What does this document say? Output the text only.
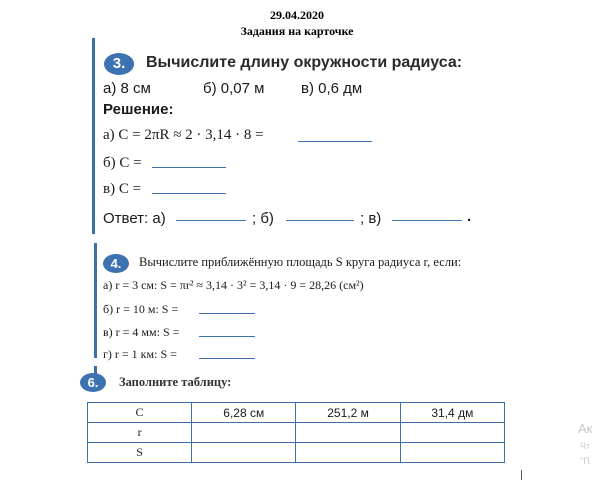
29.04.2020
Задания на карточке
3.	Вычислите длину окружности радиуса:
а) 8 см	б) 0,07 м в) 0,6 дм
Решение:
а) C = 2πR ≈ 2 · 3,14 · 8 =
б) C =
в) C =
Ответ: а)	; б)	; в)	.
4.	Вычислите приближённую площадь S круга радиуса r, если:
а) r = 3 см: S = πr² ≈ 3,14 · 3² = 3,14 · 9 = 28,26 (см²)
б) r = 10 м: S =
в) r = 4 мм: S =
г) r = 1 км: S =
6.	Заполните таблицу:
C	6,28 см	251,2 м	31,4 дм
r			
S			
Ак
Чт
"П
